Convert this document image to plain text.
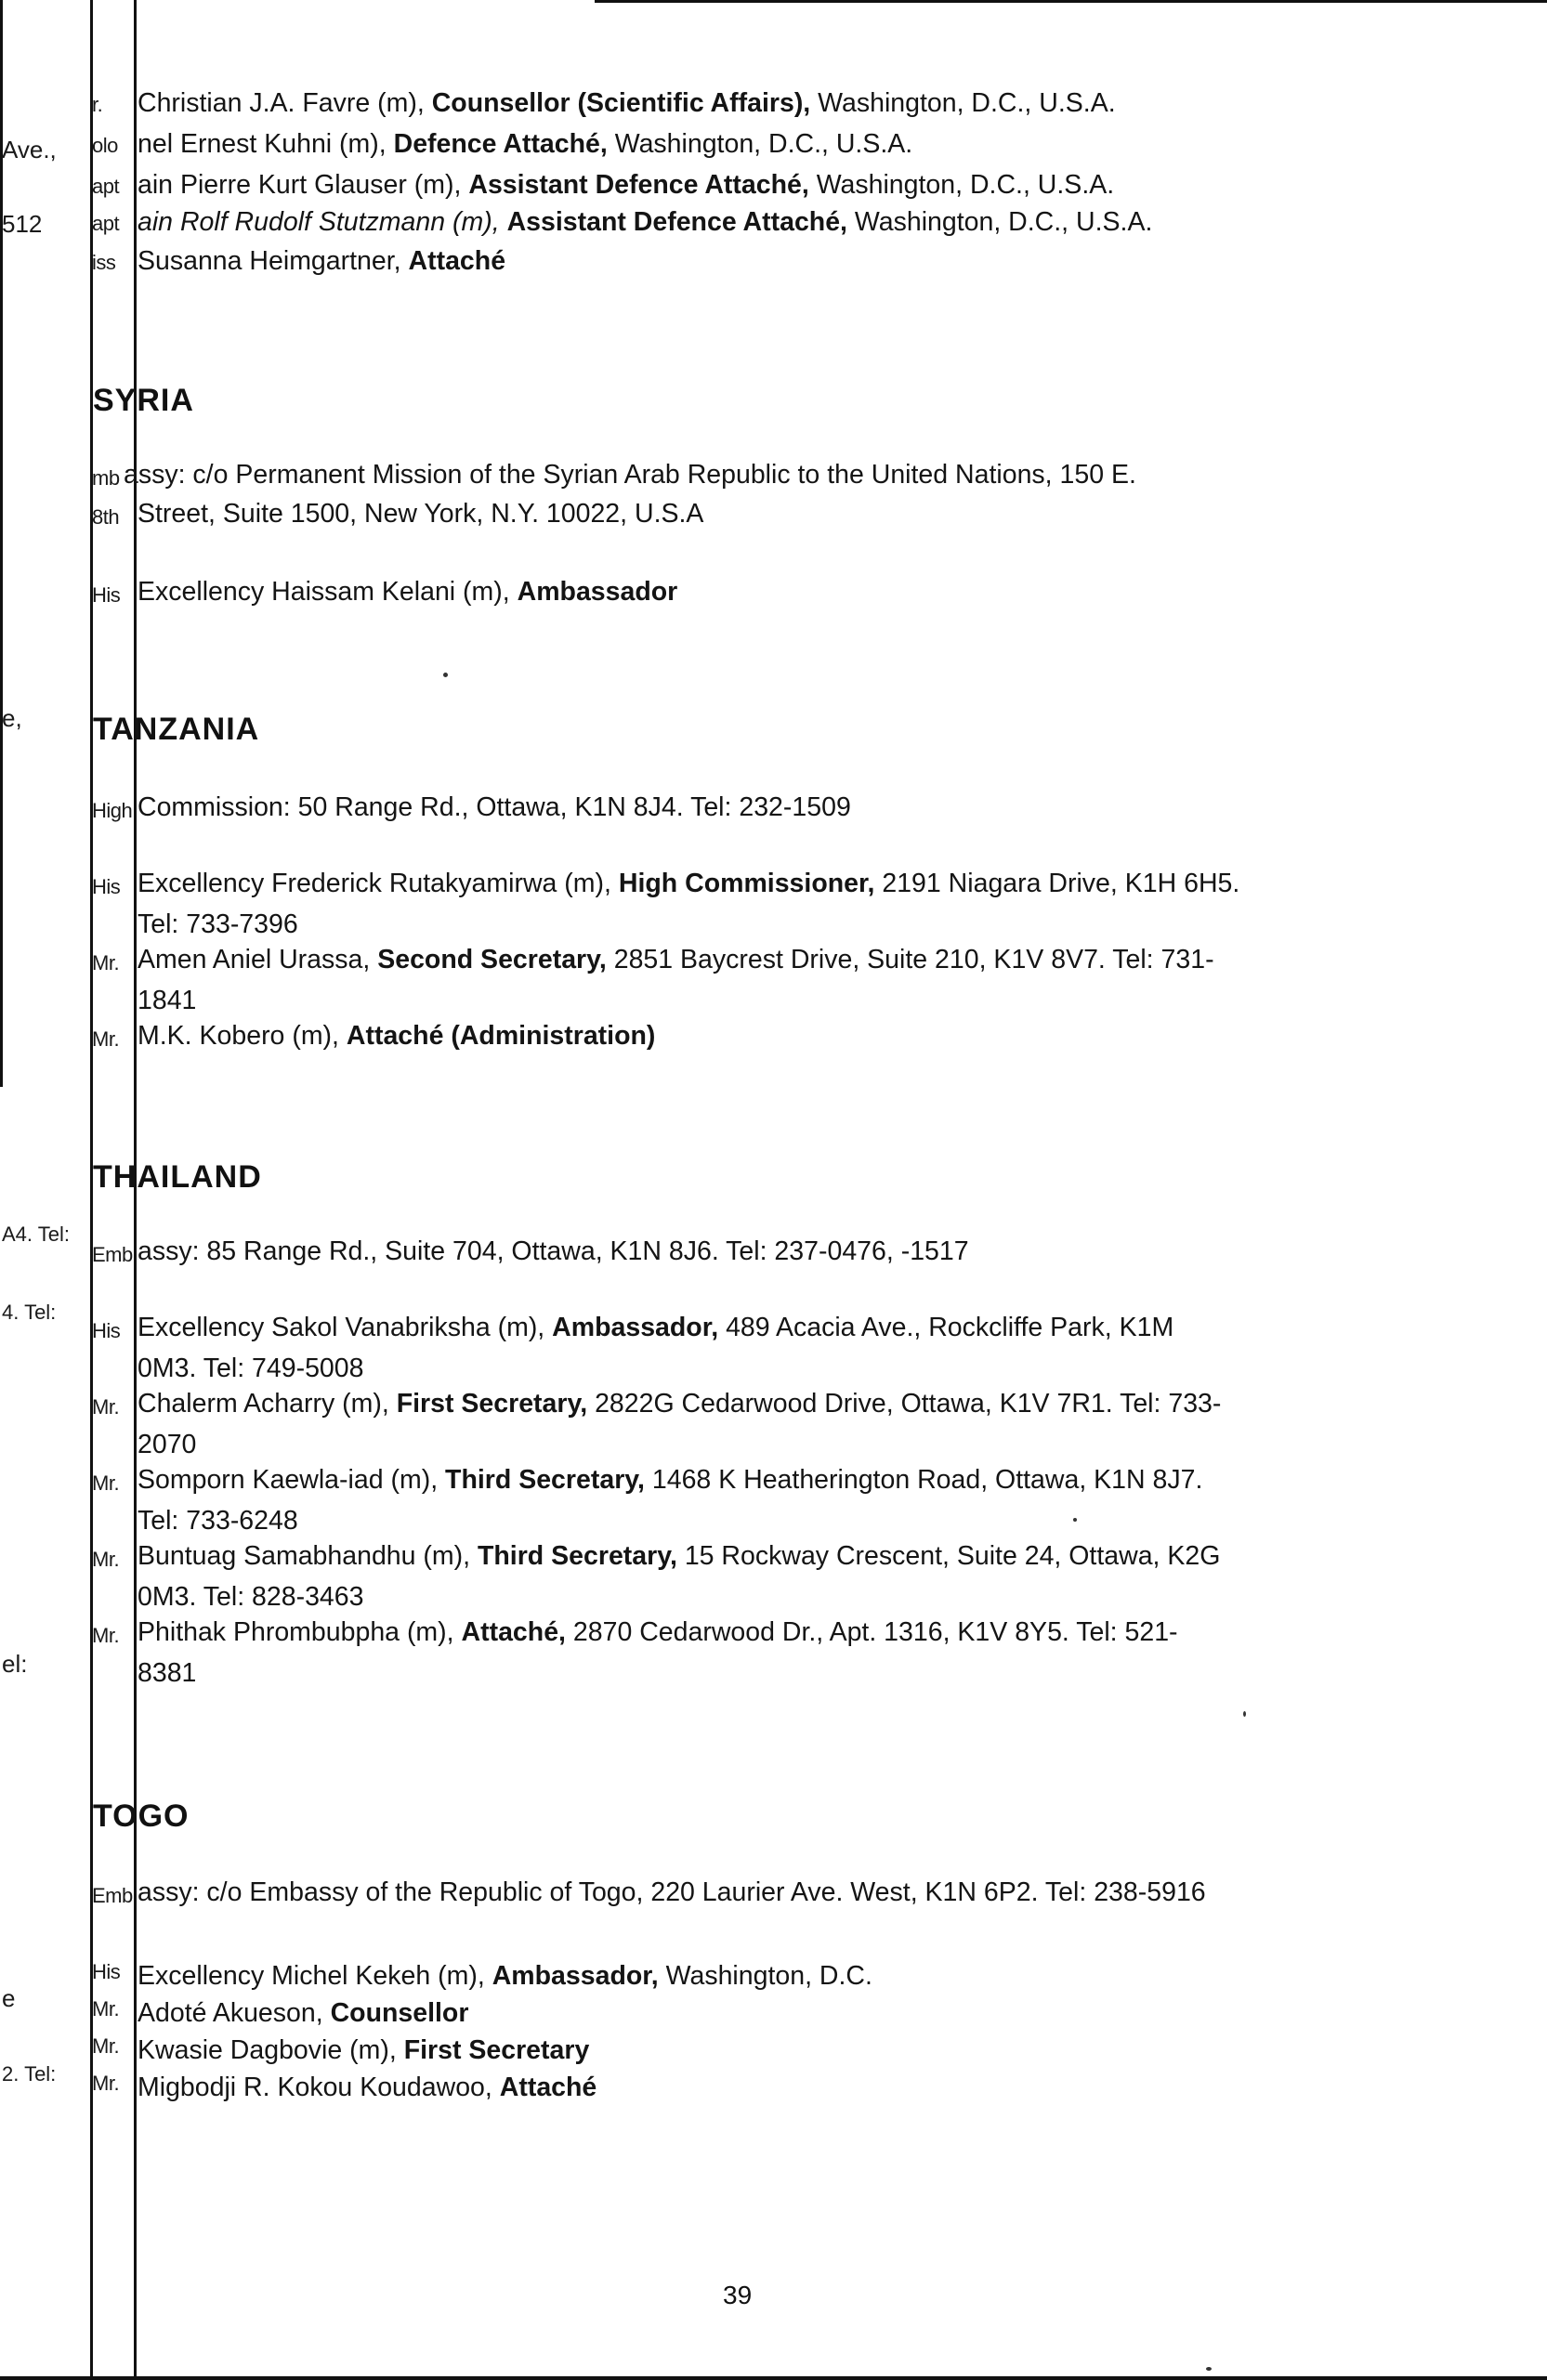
Ave.,
512
e,
A4. Tel:
4. Tel:
el:
e
2. Tel:
r. Christian J.A. Favre (m), Counsellor (Scientific Affairs), Washington, D.C., U.S.A.
olo nel Ernest Kuhni (m), Defence Attaché, Washington, D.C., U.S.A.
apt ain Pierre Kurt Glauser (m), Assistant Defence Attaché, Washington, D.C., U.S.A.
apt ain Rolf Rudolf Stutzmann (m), Assistant Defence Attaché, Washington, D.C., U.S.A.
iss Susanna Heimgartner, Attaché
SYRIA
mb assy: c/o Permanent Mission of the Syrian Arab Republic to the United Nations, 150 E.
8th Street, Suite 1500, New York, N.Y. 10022, U.S.A
His Excellency Haissam Kelani (m), Ambassador
TANZANIA
High Commission: 50 Range Rd., Ottawa, K1N 8J4. Tel: 232-1509
His Excellency Frederick Rutakyamirwa (m), High Commissioner, 2191 Niagara Drive, K1H 6H5.
Tel: 733-7396
Mr. Amen Aniel Urassa, Second Secretary, 2851 Baycrest Drive, Suite 210, K1V 8V7. Tel: 731-
1841
Mr. M.K. Kobero (m), Attaché (Administration)
THAILAND
Emb assy: 85 Range Rd., Suite 704, Ottawa, K1N 8J6. Tel: 237-0476, -1517
His Excellency Sakol Vanabriksha (m), Ambassador, 489 Acacia Ave., Rockcliffe Park, K1M
0M3. Tel: 749-5008
Mr. Chalerm Acharry (m), First Secretary, 2822G Cedarwood Drive, Ottawa, K1V 7R1. Tel: 733-
2070
Mr. Somporn Kaewla-iad (m), Third Secretary, 1468 K Heatherington Road, Ottawa, K1N 8J7.
Tel: 733-6248
Mr. Buntuag Samabhandhu (m), Third Secretary, 15 Rockway Crescent, Suite 24, Ottawa, K2G
0M3. Tel: 828-3463
Mr. Phithak Phrombubpha (m), Attaché, 2870 Cedarwood Dr., Apt. 1316, K1V 8Y5. Tel: 521-
8381
TOGO
Emb assy: c/o Embassy of the Republic of Togo, 220 Laurier Ave. West, K1N 6P2. Tel: 238-5916
His Excellency Michel Kekeh (m), Ambassador, Washington, D.C.
Mr. Adoté Akueson, Counsellor
Mr. Kwasie Dagbovie (m), First Secretary
Mr. Migbodji R. Kokou Koudawoo, Attaché
39
